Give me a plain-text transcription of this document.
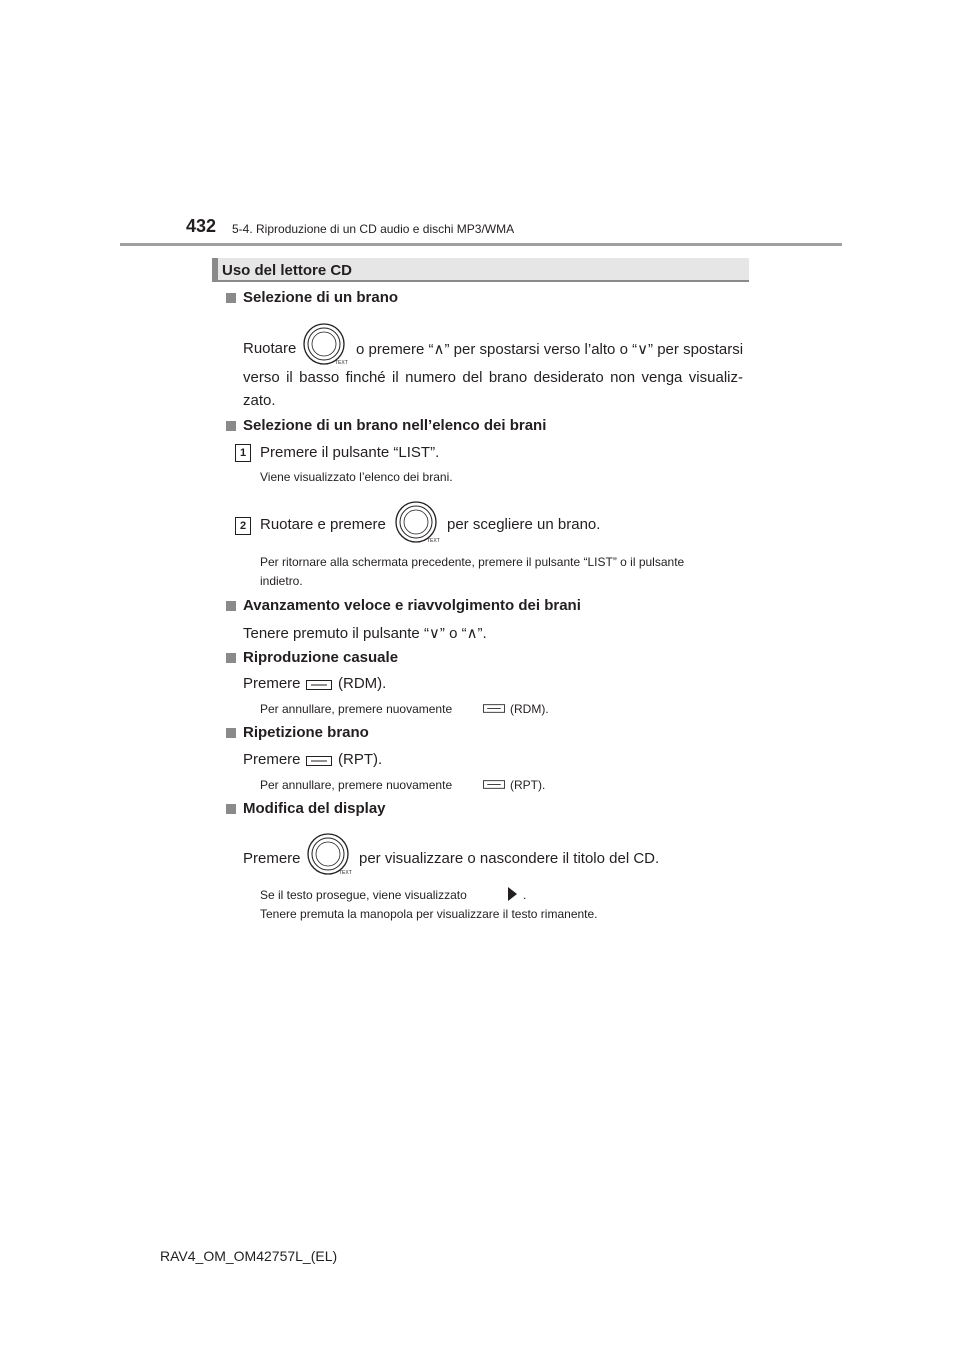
432 5-4. Riproduzione di un CD audio e dischi MP3/WMA
Uso del lettore CD
Selezione di un brano
Ruotare
TEXT
o premere “∧” per spostarsi verso l’alto o “∨” per spostarsi
verso il basso finché il numero del brano desiderato non venga visualiz-
zato.
Selezione di un brano nell’elenco dei brani
1 Premere il pulsante “LIST”.
Viene visualizzato l’elenco dei brani.
2 Ruotare e premere
TEXT
per scegliere un brano.
Per ritornare alla schermata precedente, premere il pulsante “LIST” o il pulsante
indietro.
Avanzamento veloce e riavvolgimento dei brani
Tenere premuto il pulsante “∨” o “∧”.
Riproduzione casuale
Premere (RDM).
Per annullare, premere nuovamente	(RDM).
Ripetizione brano
Premere (RPT).
Per annullare, premere nuovamente	(RPT).
Modifica del display
Premere
TEXT
per visualizzare o nascondere il titolo del CD.
Se il testo prosegue, viene visualizzato	.
Tenere premuta la manopola per visualizzare il testo rimanente.
RAV4_OM_OM42757L_(EL)
